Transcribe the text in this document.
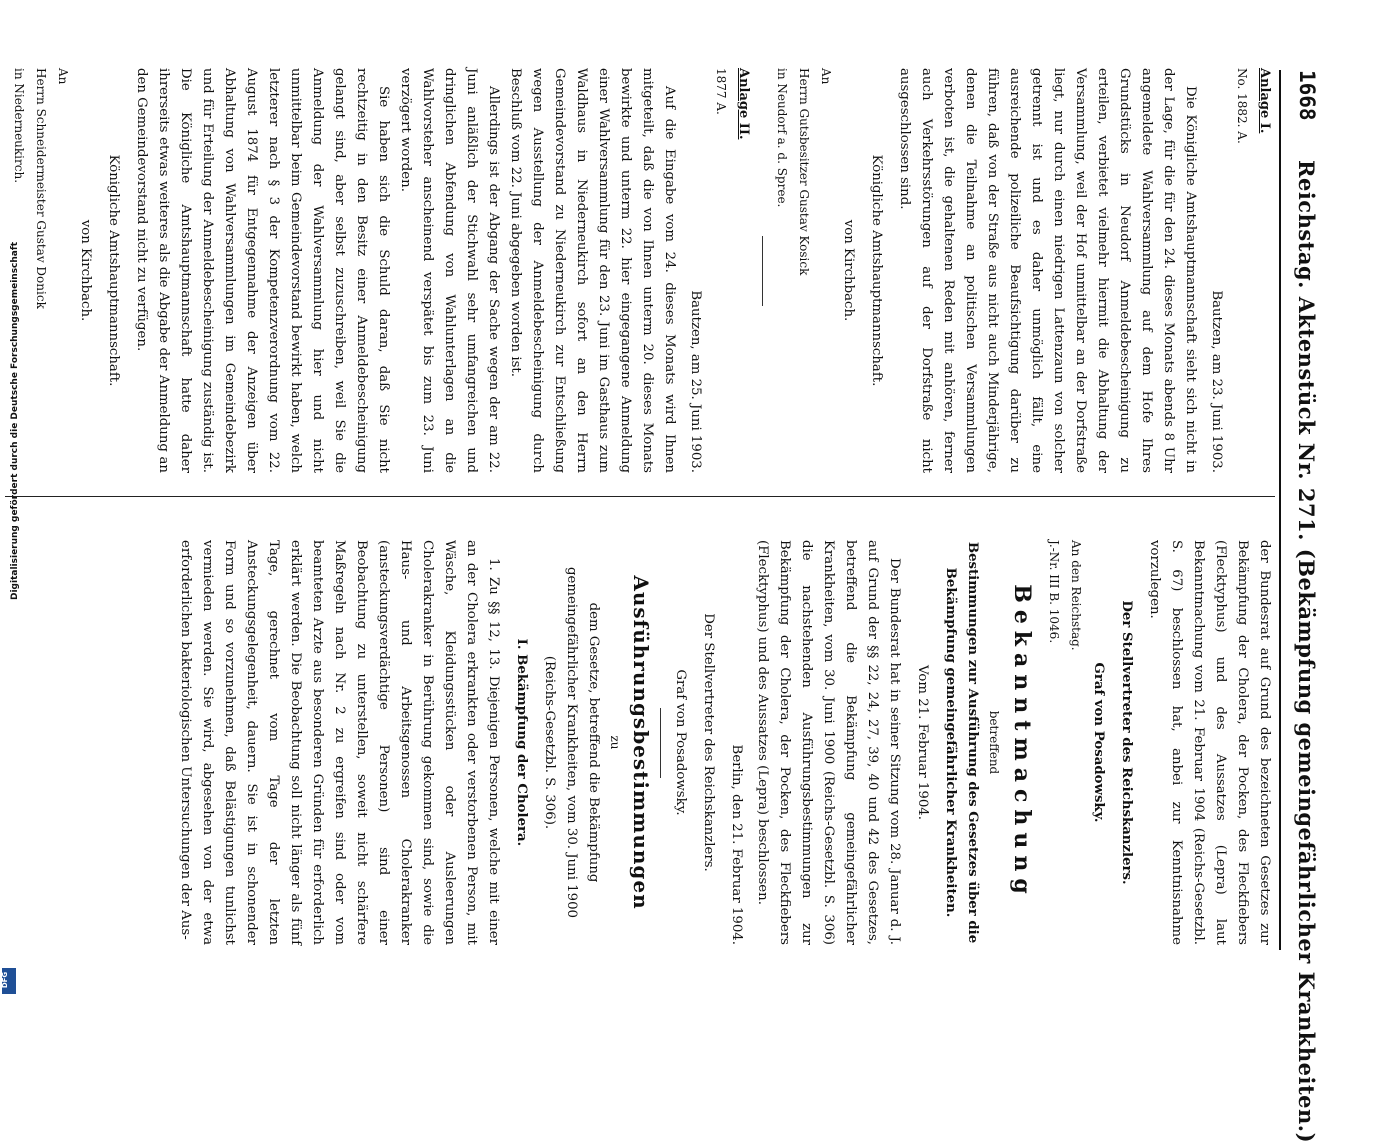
1668
Reichstag. Aktenstück Nr. 271. (Bekämpfung gemeingefährlicher Krankheiten.)
Anlage I.
No. 1882. A.
Bautzen, am 23. Juni 1903.

Die Königliche Amtshauptmannschaft sieht sich nicht in der Lage, für die für den 24. dieses Monats abends 8 Uhr angemeldete Wahlversammlung auf dem Hofe Ihres Grundstücks in Neudorf Anmeldebescheinigung zu erteilen, verbietet vielmehr hiermit die Abhaltung der Versammlung, weil der Hof unmittelbar an der Dorfstraße liegt, nur durch einen niedrigen Lattenzaun von solcher getrennt ist und es daher unmöglich fällt, eine ausreichende polizeiliche Beaufsichtigung darüber zu führen, daß von der Straße aus nicht auch Minderjährige, denen die Teilnahme an politischen Versammlungen verboten ist, die gehaltenen Reden mit anhören, ferner auch Verkehrsstörungen auf der Dorfstraße nicht ausgeschlossen sind.

Königliche Amtshauptmannschaft.
von Kirchbach.
An
Herrn Gutsbesitzer Gustav Kosick
in Neudorf a. d. Spree.
Anlage II.
1877 A.
Bautzen, am 25. Juni 1903.

Auf die Eingabe vom 24. dieses Monats wird Ihnen mitgeteilt, daß die von Ihnen unterm 20. dieses Monats bewirkte und unterm 22. hier eingegangene Anmeldung einer Wahlversammlung für den 23. Juni im Gasthaus zum Waldhaus in Niederneukirch sofort an den Herrn Gemeindevorstand zu Niederneukirch zur Entschließung wegen Ausstellung der Anmeldebescheinigung durch Beschluß vom 22. Juni abgegeben worden ist.

Allerdings ist der Abgang der Sache wegen der am 22. Juni anläßlich der Stichwahl sehr umfangreichen und dringlichen Abfendung von Wahlunterlagen an die Wahlvorsteher anscheinend verspätet bis zum 23. Juni verzögert worden.

Sie haben sich die Schuld daran, daß Sie nicht rechtzeitig in den Besitz einer Anmeldebescheinigung gelangt sind, aber selbst zuzuschreiben, weil Sie die Anmeldung der Wahlversammlung hier und nicht unmittelbar beim Gemeindevorstand bewirkt haben, welch letzterer nach § 3 der Kompetenzverordnung vom 22. August 1874 für Entgegennahme der Anzeigen über Abhaltung von Wahlversammlungen im Gemeindebezirk und für Erteilung der Anmeldebescheinigung zuständig ist. Die Königliche Amtshauptmannschaft hatte daher ihrerseits etwas weiteres als die Abgabe der Anmeldung an den Gemeindevorstand nicht zu verfügen.

Königliche Amtshauptmannschaft.
von Kirchbach.
An
Herrn Schneidermeister Gustav Donick
in Niederneukirch.

der Bundesrat auf Grund des bezeichneten Gesetzes zur Bekämpfung der Cholera, der Pocken, des Fleckfiebers (Flecktyphus) und des Aussatzes (Lepra) laut Bekanntmachung vom 21. Februar 1904 (Reichs-Gesetzbl. S. 67) beschlossen hat, anbei zur Kenntnisnahme vorzulegen.

Der Stellvertreter des Reichskanzlers.
Graf von Posadowsky.
An den Reichstag.
J.-Nr. III B. 1046.
Bekanntmachung
betreffend
Bestimmungen zur Ausführung des Gesetzes über die Bekämpfung gemeingefährlicher Krankheiten.
Vom 21. Februar 1904.

Der Bundesrat hat in seiner Sitzung vom 28. Januar d. J. auf Grund der §§ 22, 24, 27, 39, 40 und 42 des Gesetzes, betreffend die Bekämpfung gemeingefährlicher Krankheiten, vom 30. Juni 1900 (Reichs-Gesetzbl. S. 306) die nachstehenden Ausführungsbestimmungen zur Bekämpfung der Cholera, der Pocken, des Fleckfiebers (Flecktyphus) und des Aussatzes (Lepra) beschlossen.

Berlin, den 21. Februar 1904.
Der Stellvertreter des Reichskanzlers.
Graf von Posadowsky.
Ausführungsbestimmungen
zu
dem Gesetze, betreffend die Bekämpfung gemeingefährlicher Krankheiten, vom 30. Juni 1900 (Reichs-Gesetzbl. S. 306).
I. Bekämpfung der Cholera.

1. Zu §§ 12, 13. Diejenigen Personen, welche mit einer an der Cholera erkrankten oder verstorbenen Person, mit Wäsche, Kleidungsstücken oder Ausleerungen Cholerakranker in Berührung gekommen sind, sowie die Haus- und Arbeitsgenossen Cholerakranker (ansteckungsverdächtige Personen) sind einer Beobachtung zu unterstellen, soweit nicht schärfere Maßregeln nach Nr. 2 zu ergreifen sind oder vom beamteten Arzte aus besonderen Gründen für erforderlich erklärt werden. Die Beobachtung soll nicht länger als fünf Tage, gerechnet vom Tage der letzten Ansteckungsgelegenheit, dauern. Sie ist in schonender Form und so vorzunehmen, daß Belästigungen tunlichst vermieden werden. Sie wird, abgesehen von der etwa erforderlichen bakteriologischen Untersuchungen der Aus-

Digitalisierung gefördert durch die Deutsche Forschungsgemeinschaft
DFG
